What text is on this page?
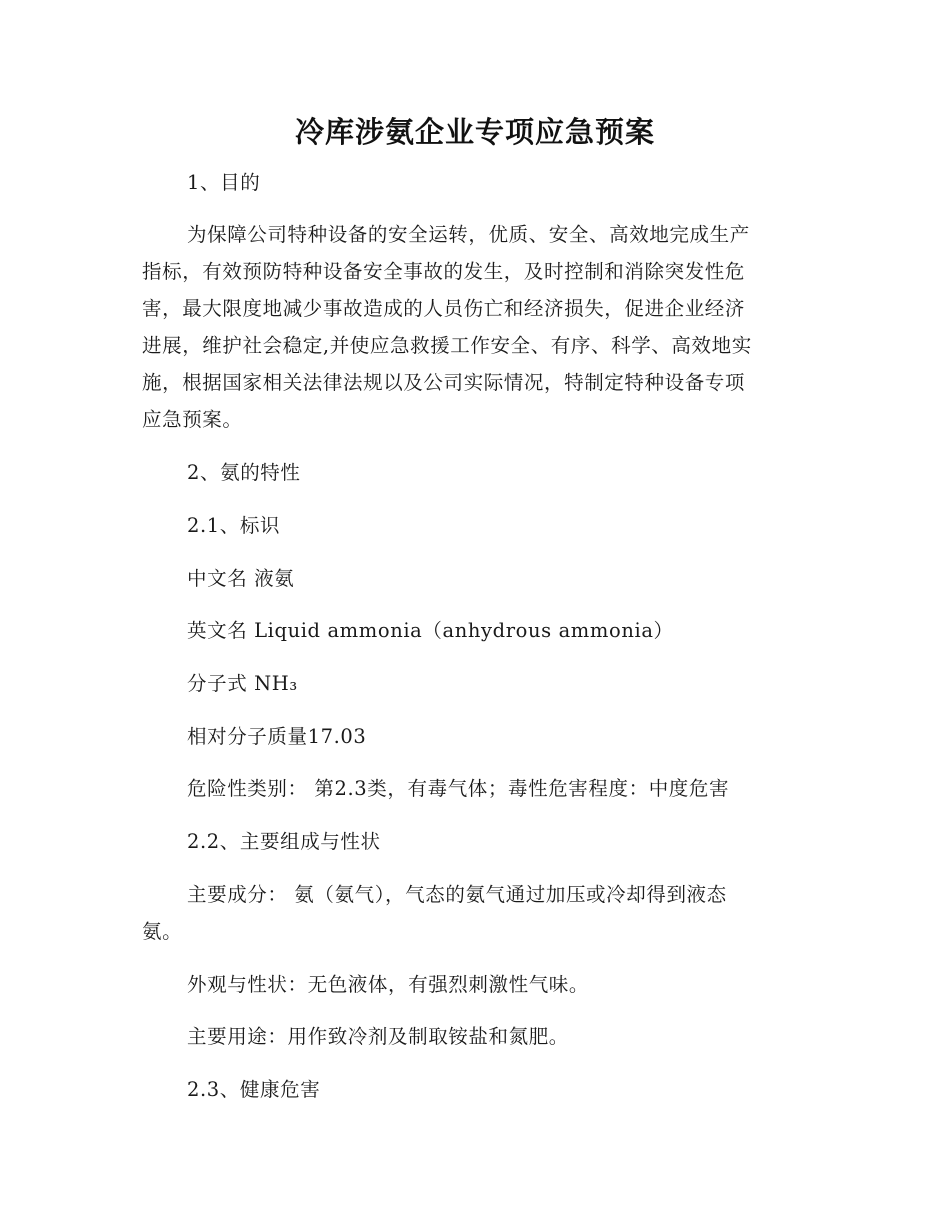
冷库涉氨企业专项应急预案
1、目的
为保障公司特种设备的安全运转，优质、安全、高效地完成生产
指标，有效预防特种设备安全事故的发生，及时控制和消除突发性危
害，最大限度地减少事故造成的人员伤亡和经济损失，促进企业经济
进展，维护社会稳定,并使应急救援工作安全、有序、科学、高效地实
施，根据国家相关法律法规以及公司实际情况，特制定特种设备专项
应急预案。
2、氨的特性
2.1、标识
中文名 液氨
英文名 Liquid ammonia（anhydrous ammonia）
分子式 NH₃
相对分子质量17.03
危险性类别： 第2.3类，有毒气体；毒性危害程度：中度危害
2.2、主要组成与性状
主要成分： 氨（氨气），气态的氨气通过加压或冷却得到液态
氨。
外观与性状：无色液体，有强烈刺激性气味。
主要用途：用作致冷剂及制取铵盐和氮肥。
2.3、健康危害
